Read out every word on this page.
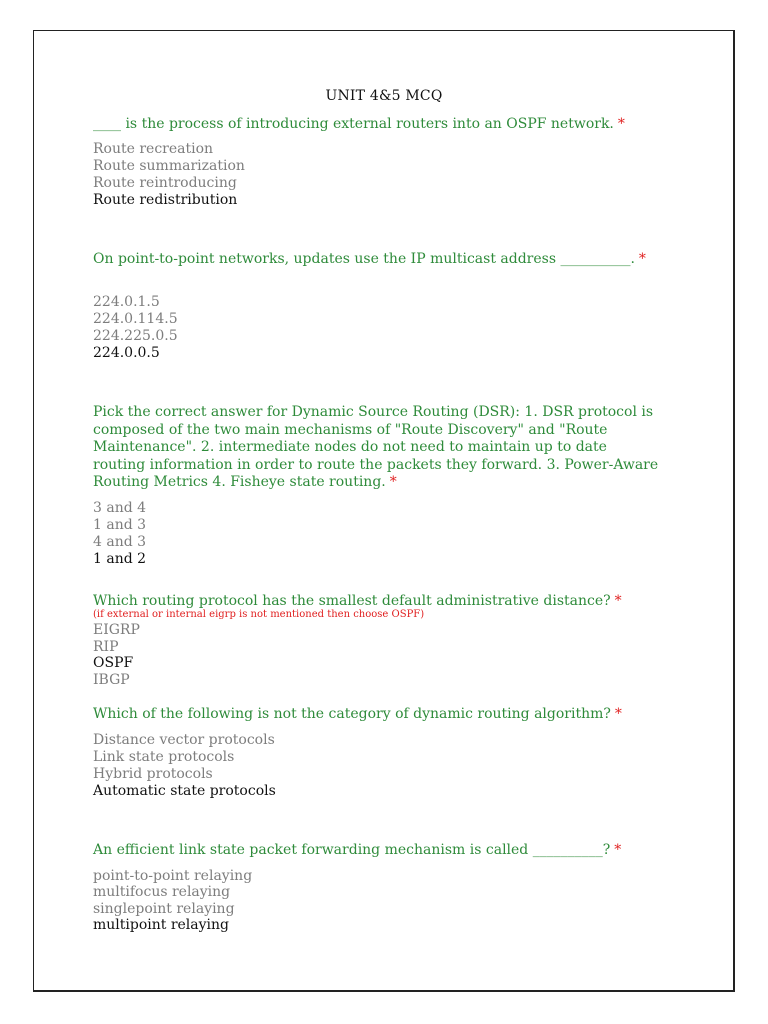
UNIT 4&5 MCQ
____ is the process of introducing external routers into an OSPF network. *
Route recreation
Route summarization
Route reintroducing
Route redistribution
On point-to-point networks, updates use the IP multicast address __________. *
224.0.1.5
224.0.114.5
224.225.0.5
224.0.0.5
Pick the correct answer for Dynamic Source Routing (DSR): 1. DSR protocol is composed of the two main mechanisms of "Route Discovery" and "Route Maintenance". 2. intermediate nodes do not need to maintain up to date routing information in order to route the packets they forward. 3. Power-Aware Routing Metrics 4. Fisheye state routing. *
3 and 4
1 and 3
4 and 3
1 and 2
Which routing protocol has the smallest default administrative distance? *
(if external or internal eigrp is not mentioned then choose OSPF)
EIGRP
RIP
OSPF
IBGP
Which of the following is not the category of dynamic routing algorithm? *
Distance vector protocols
Link state protocols
Hybrid protocols
Automatic state protocols
An efficient link state packet forwarding mechanism is called __________? *
point-to-point relaying
multifocus relaying
singlepoint relaying
multipoint relaying
